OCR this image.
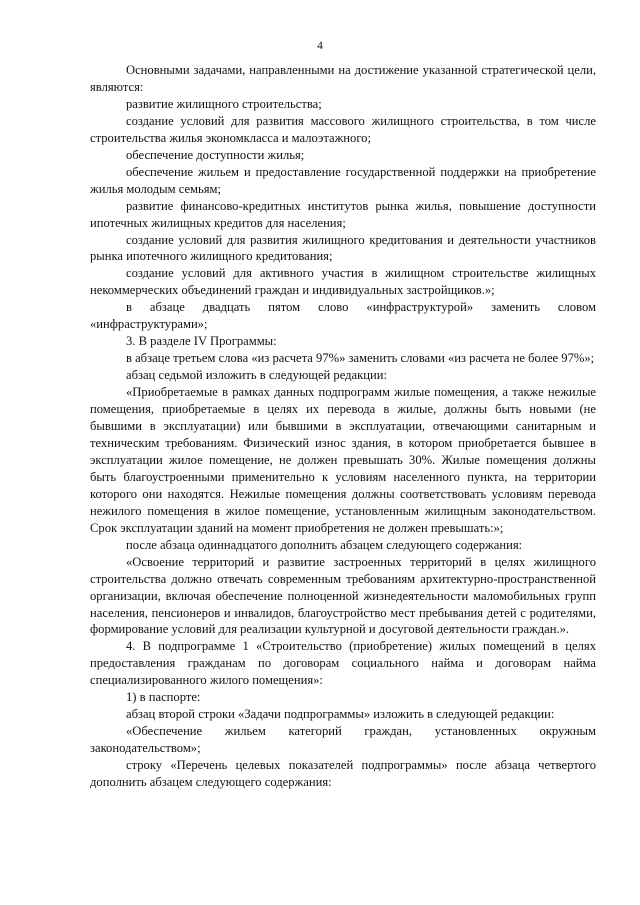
4

Основными задачами, направленными на достижение указанной стратегической цели, являются:

развитие жилищного строительства;

создание условий для развития массового жилищного строительства, в том числе строительства жилья экономкласса и малоэтажного;

обеспечение доступности жилья;

обеспечение жильем и предоставление государственной поддержки на приобретение жилья молодым семьям;

развитие финансово-кредитных институтов рынка жилья, повышение доступности ипотечных жилищных кредитов для населения;

создание условий для развития жилищного кредитования и деятельности участников рынка ипотечного жилищного кредитования;

создание условий для активного участия в жилищном строительстве жилищных некоммерческих объединений граждан и индивидуальных застройщиков.»;

в абзаце двадцать пятом слово «инфраструктурой» заменить словом «инфраструктурами»;

3. В разделе IV Программы:

в абзаце третьем слова «из расчета 97%» заменить словами «из расчета не более 97%»;

абзац седьмой изложить в следующей редакции:

«Приобретаемые в рамках данных подпрограмм жилые помещения, а также нежилые помещения, приобретаемые в целях их перевода в жилые, должны быть новыми (не бывшими в эксплуатации) или бывшими в эксплуатации, отвечающими санитарным и техническим требованиям. Физический износ здания, в котором приобретается бывшее в эксплуатации жилое помещение, не должен превышать 30%. Жилые помещения должны быть благоустроенными применительно к условиям населенного пункта, на территории которого они находятся. Нежилые помещения должны соответствовать условиям перевода нежилого помещения в жилое помещение, установленным жилищным законодательством. Срок эксплуатации зданий на момент приобретения не должен превышать:»;

после абзаца одиннадцатого дополнить абзацем следующего содержания:

«Освоение территорий и развитие застроенных территорий в целях жилищного строительства должно отвечать современным требованиям архитектурно-пространственной организации, включая обеспечение полноценной жизнедеятельности маломобильных групп населения, пенсионеров и инвалидов, благоустройство мест пребывания детей с родителями, формирование условий для реализации культурной и досуговой деятельности граждан.».

4. В подпрограмме 1 «Строительство (приобретение) жилых помещений в целях предоставления гражданам по договорам социального найма и договорам найма специализированного жилого помещения»:

1) в паспорте:

абзац второй строки «Задачи подпрограммы» изложить в следующей редакции:

«Обеспечение жильем категорий граждан, установленных окружным законодательством»;

строку «Перечень целевых показателей подпрограммы» после абзаца четвертого дополнить абзацем следующего содержания:
